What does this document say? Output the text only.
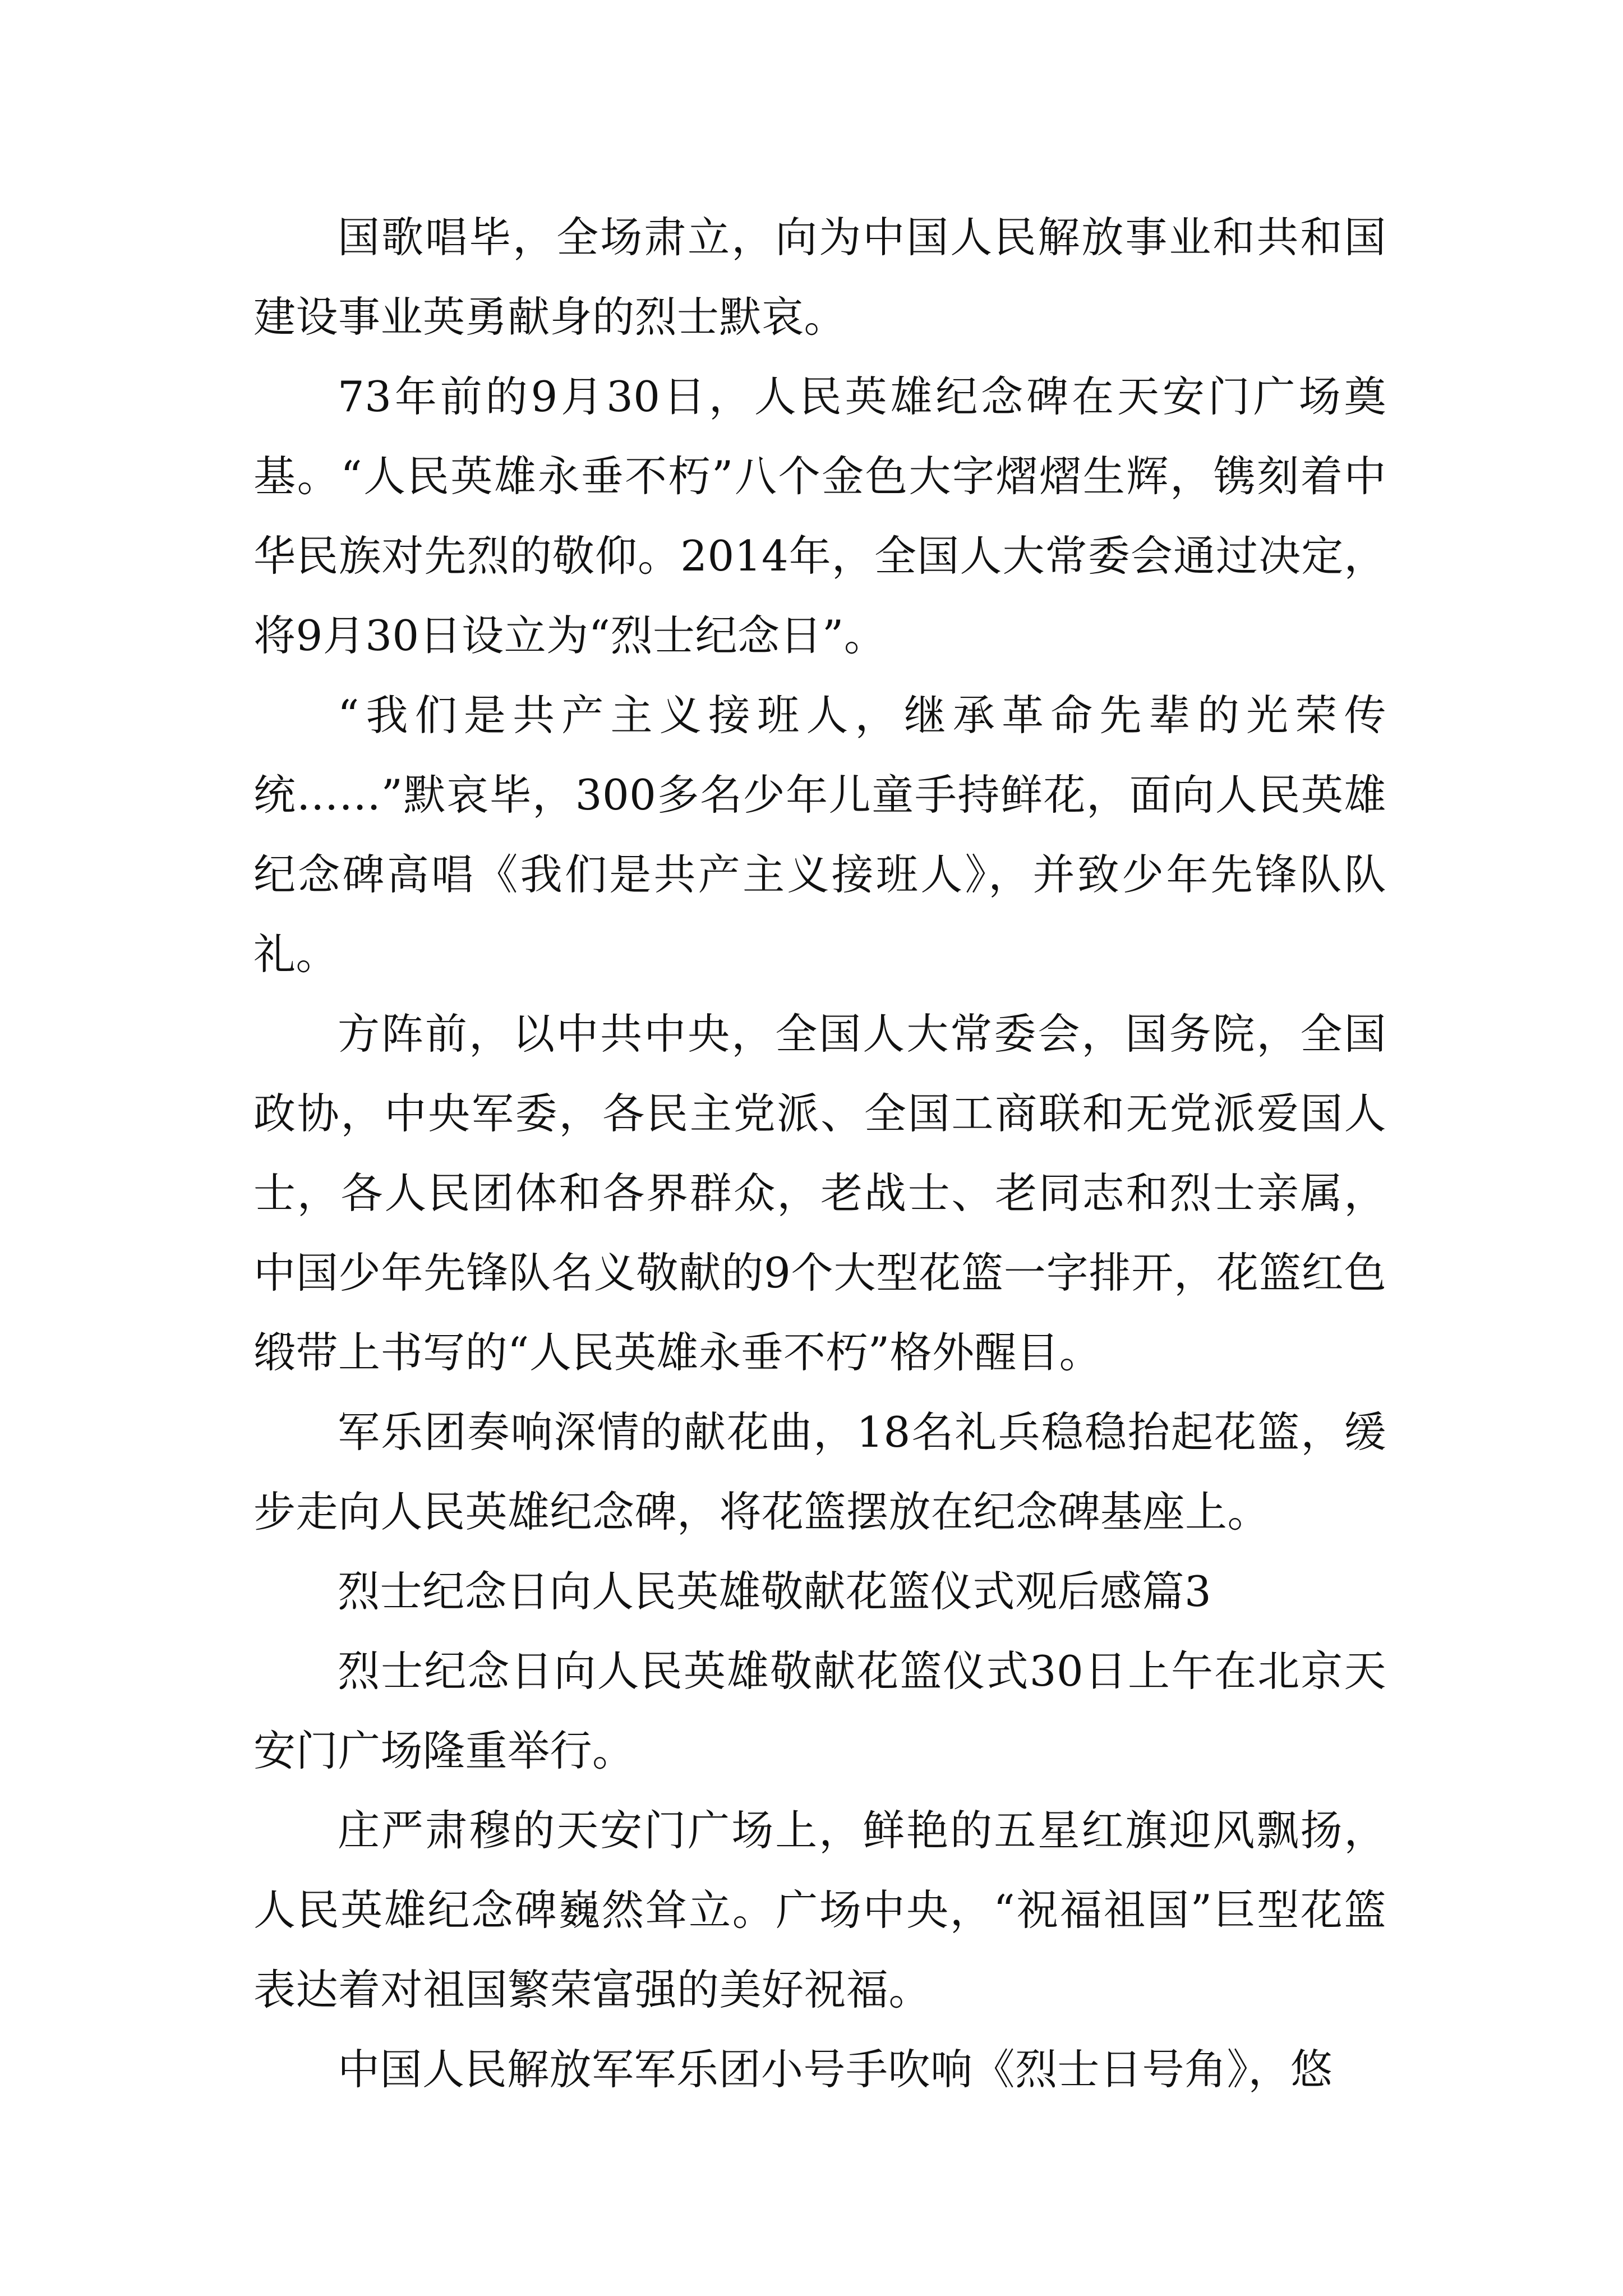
国歌唱毕，全场肃立，向为中国人民解放事业和共和国建设事业英勇献身的烈士默哀。

73年前的9月30日，人民英雄纪念碑在天安门广场奠基。“人民英雄永垂不朽”八个金色大字熠熠生辉，镌刻着中华民族对先烈的敬仰。2014年，全国人大常委会通过决定，将9月30日设立为“烈士纪念日”。

“我们是共产主义接班人，继承革命先辈的光荣传统……”默哀毕，300多名少年儿童手持鲜花，面向人民英雄纪念碑高唱《我们是共产主义接班人》，并致少年先锋队队礼。

方阵前，以中共中央，全国人大常委会，国务院，全国政协，中央军委，各民主党派、全国工商联和无党派爱国人士，各人民团体和各界群众，老战士、老同志和烈士亲属，中国少年先锋队名义敬献的9个大型花篮一字排开，花篮红色缎带上书写的“人民英雄永垂不朽”格外醒目。

军乐团奏响深情的献花曲，18名礼兵稳稳抬起花篮，缓步走向人民英雄纪念碑，将花篮摆放在纪念碑基座上。

烈士纪念日向人民英雄敬献花篮仪式观后感篇3

烈士纪念日向人民英雄敬献花篮仪式30日上午在北京天安门广场隆重举行。

庄严肃穆的天安门广场上，鲜艳的五星红旗迎风飘扬，人民英雄纪念碑巍然耸立。广场中央，“祝福祖国”巨型花篮表达着对祖国繁荣富强的美好祝福。

中国人民解放军军乐团小号手吹响《烈士日号角》，悠
